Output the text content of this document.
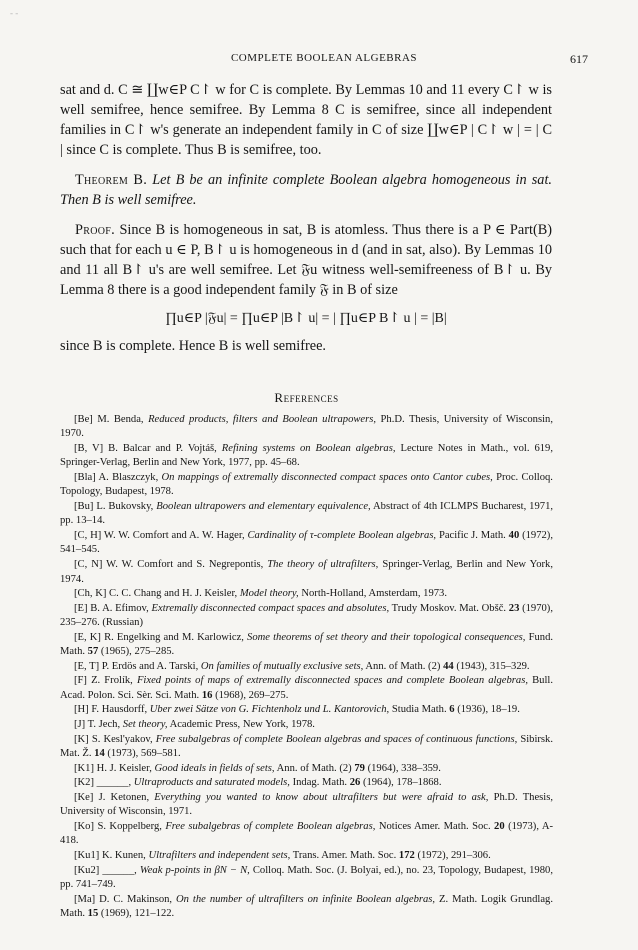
- -
COMPLETE BOOLEAN ALGEBRAS	617

sat and d. C ≅ ∐w∈P C↾ w for C is complete. By Lemmas 10 and 11 every C↾ w is well semifree, hence semifree. By Lemma 8 C is semifree, since all independent families in C↾ w's generate an independent family in C of size ∐w∈P | C↾ w | = | C | since C is complete. Thus B is semifree, too.

Theorem B. Let B be an infinite complete Boolean algebra homogeneous in sat. Then B is well semifree.

Proof. Since B is homogeneous in sat, B is atomless. Thus there is a P ∈ Part(B) such that for each u ∈ P, B↾ u is homogeneous in d (and in sat, also). By Lemmas 10 and 11 all B↾ u's are well semifree. Let 𝔉u witness well-semifreeness of B↾ u. By Lemma 8 there is a good independent family 𝔉 in B of size

∏u∈P |𝔉u| = ∏u∈P |B↾ u| = | ∏u∈P B↾ u | = |B|

since B is complete. Hence B is well semifree.

References

[Be] M. Benda, Reduced products, filters and Boolean ultrapowers, Ph.D. Thesis, University of Wisconsin, 1970.

[B, V] B. Balcar and P. Vojtáš, Refining systems on Boolean algebras, Lecture Notes in Math., vol. 619, Springer-Verlag, Berlin and New York, 1977, pp. 45–68.

[Bla] A. Blaszczyk, On mappings of extremally disconnected compact spaces onto Cantor cubes, Proc. Colloq. Topology, Budapest, 1978.

[Bu] L. Bukovsky, Boolean ultrapowers and elementary equivalence, Abstract of 4th ICLMPS Bucharest, 1971, pp. 13–14.

[C, H] W. W. Comfort and A. W. Hager, Cardinality of τ-complete Boolean algebras, Pacific J. Math. 40 (1972), 541–545.

[C, N] W. W. Comfort and S. Negrepontis, The theory of ultrafilters, Springer-Verlag, Berlin and New York, 1974.

[Ch, K] C. C. Chang and H. J. Keisler, Model theory, North-Holland, Amsterdam, 1973.

[E] B. A. Efimov, Extremally disconnected compact spaces and absolutes, Trudy Moskov. Mat. Obšč. 23 (1970), 235–276. (Russian)

[E, K] R. Engelking and M. Karlowicz, Some theorems of set theory and their topological consequences, Fund. Math. 57 (1965), 275–285.

[E, T] P. Erdös and A. Tarski, On families of mutually exclusive sets, Ann. of Math. (2) 44 (1943), 315–329.

[F] Z. Frolík, Fixed points of maps of extremally disconnected spaces and complete Boolean algebras, Bull. Acad. Polon. Sci. Sèr. Sci. Math. 16 (1968), 269–275.

[H] F. Hausdorff, Uber zwei Sätze von G. Fichtenholz und L. Kantorovich, Studia Math. 6 (1936), 18–19.

[J] T. Jech, Set theory, Academic Press, New York, 1978.

[K] S. Kesl'yakov, Free subalgebras of complete Boolean algebras and spaces of continuous functions, Sibirsk. Mat. Ž. 14 (1973), 569–581.

[K1] H. J. Keisler, Good ideals in fields of sets, Ann. of Math. (2) 79 (1964), 338–359.

[K2] ______, Ultraproducts and saturated models, Indag. Math. 26 (1964), 178–1868.

[Ke] J. Ketonen, Everything you wanted to know about ultrafilters but were afraid to ask, Ph.D. Thesis, University of Wisconsin, 1971.

[Ko] S. Koppelberg, Free subalgebras of complete Boolean algebras, Notices Amer. Math. Soc. 20 (1973), A-418.

[Ku1] K. Kunen, Ultrafilters and independent sets, Trans. Amer. Math. Soc. 172 (1972), 291–306.

[Ku2] ______, Weak p-points in βN − N, Colloq. Math. Soc. (J. Bolyai, ed.), no. 23, Topology, Budapest, 1980, pp. 741–749.

[Ma] D. C. Makinson, On the number of ultrafilters on infinite Boolean algebras, Z. Math. Logik Grundlag. Math. 15 (1969), 121–122.
